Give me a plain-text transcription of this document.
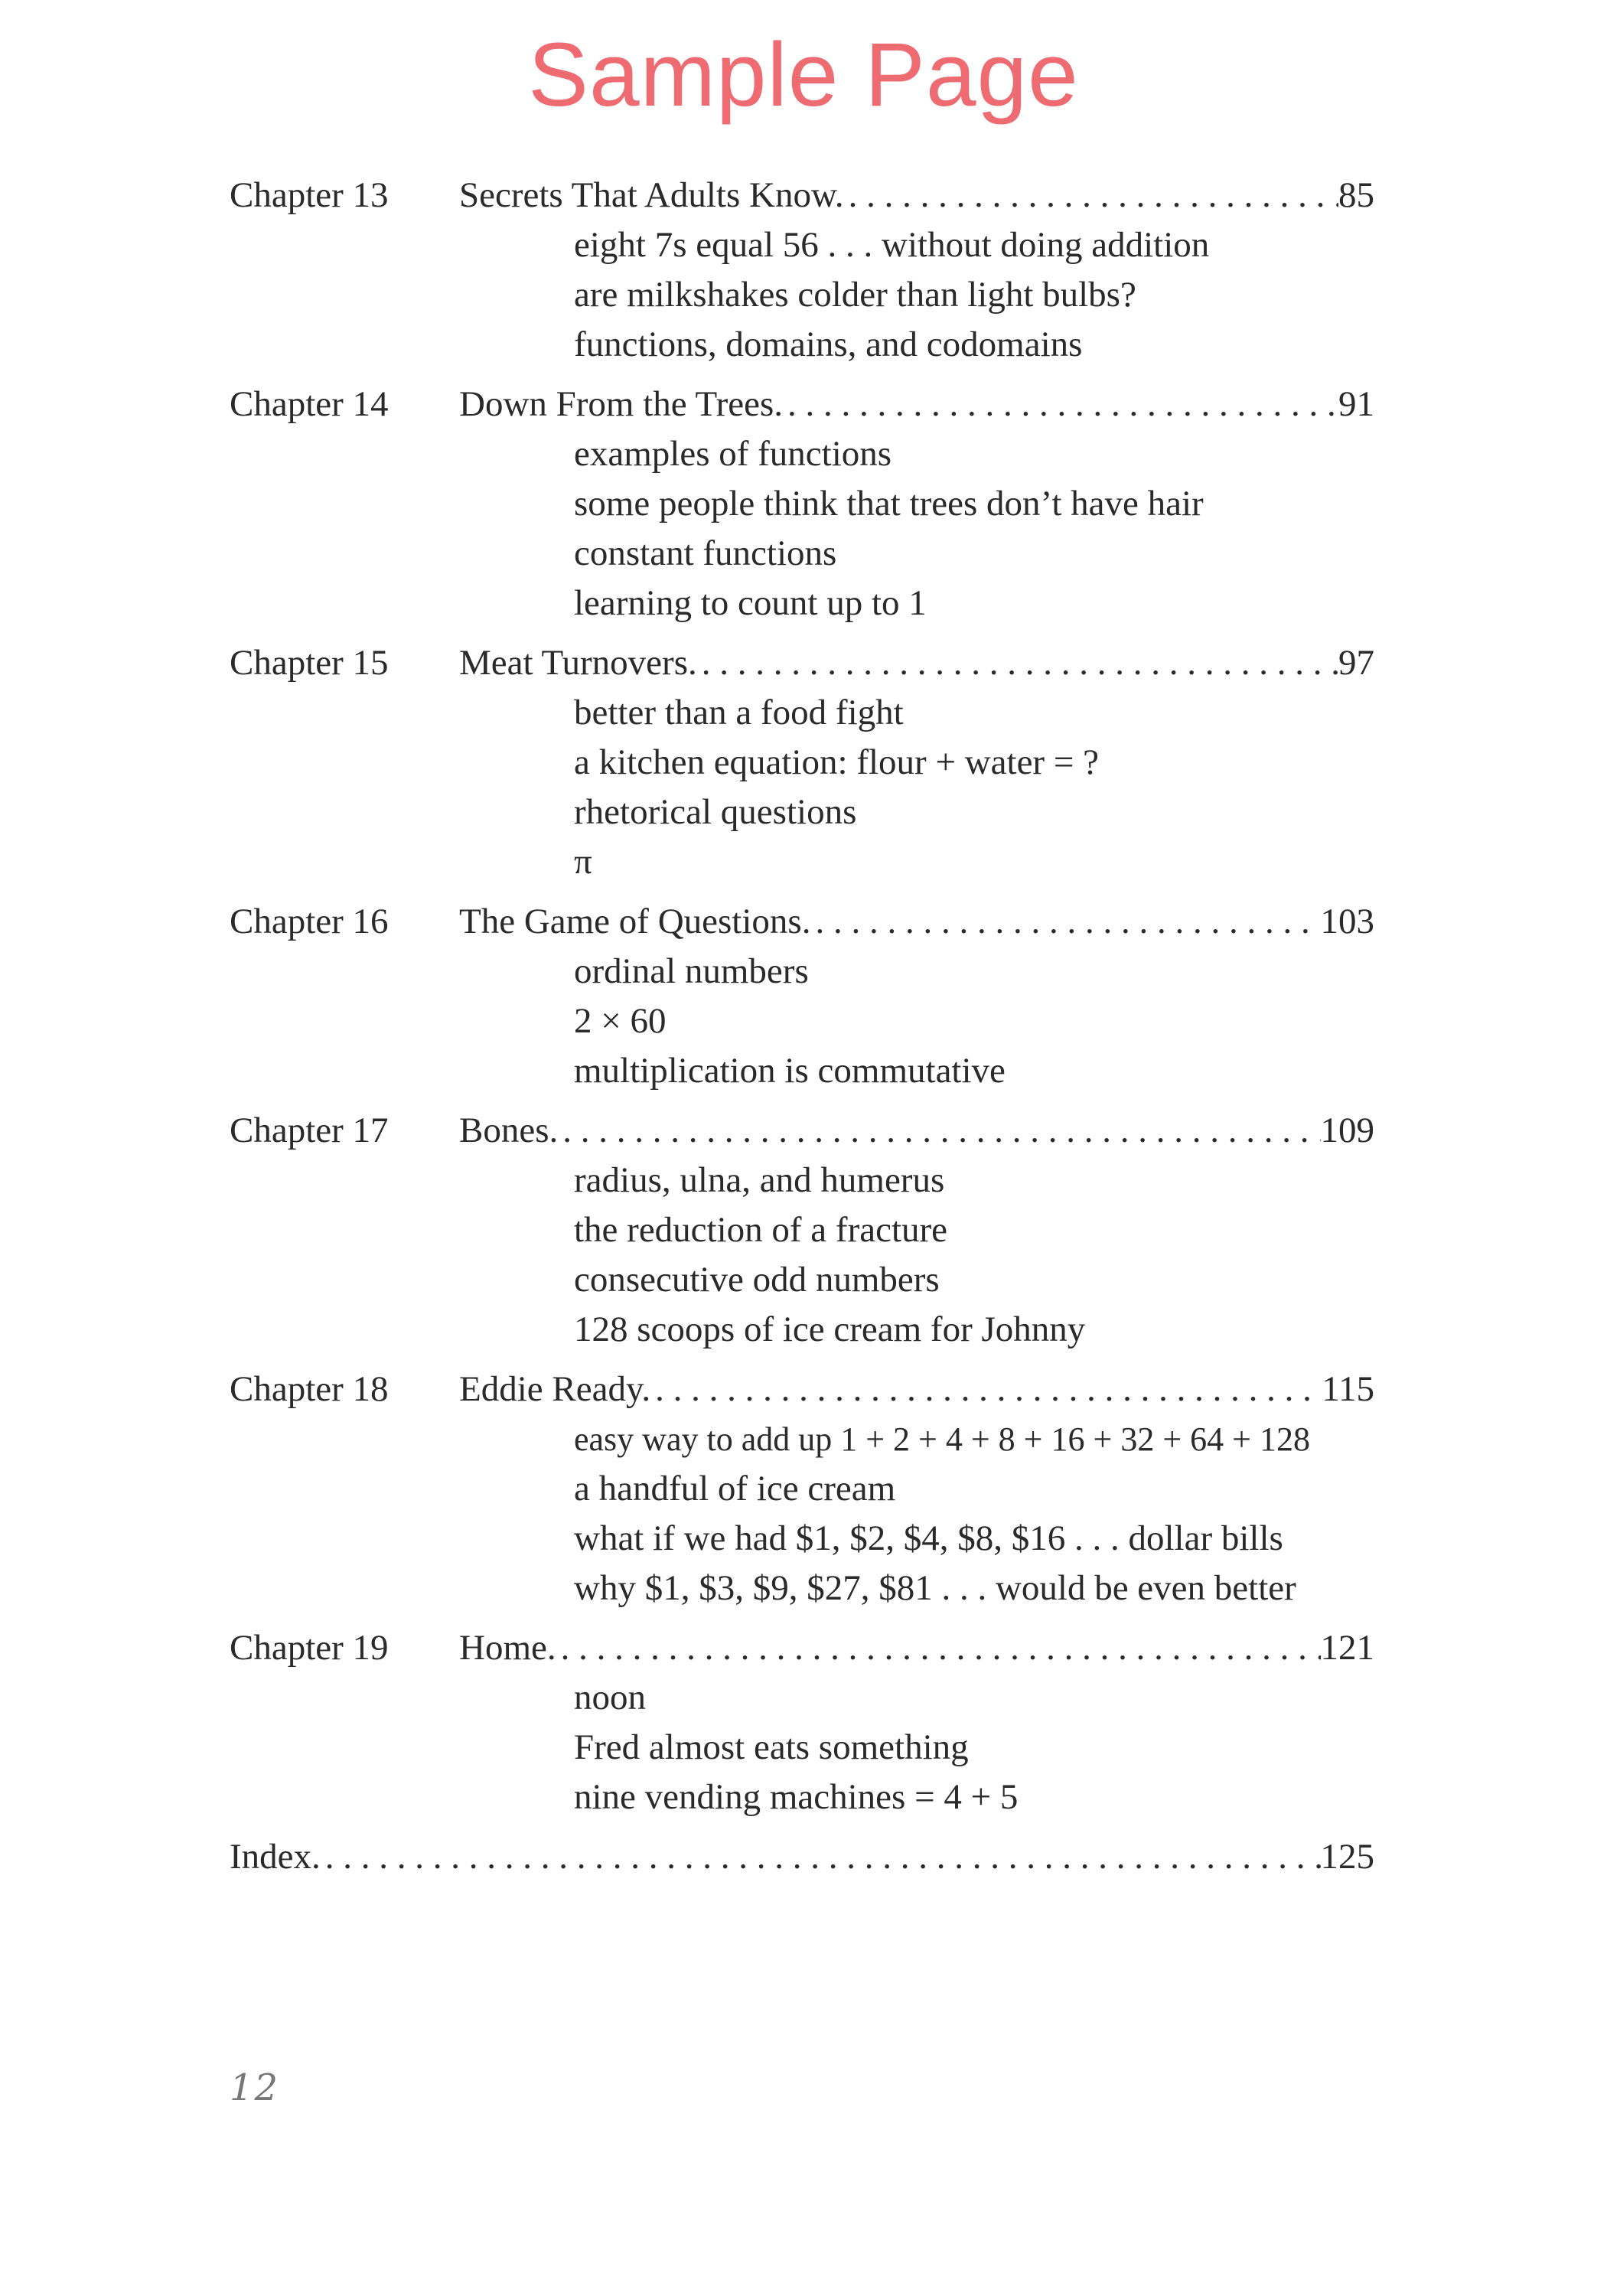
Sample Page
Chapter 13	Secrets That Adults Know. . . .	85
eight 7s equal 56 . . . without doing addition
are milkshakes colder than light bulbs?
functions, domains, and codomains
Chapter 14	Down From the Trees. . . .	91
examples of functions
some people think that trees don’t have hair
constant functions
learning to count up to 1
Chapter 15	Meat Turnovers. . . .	97
better than a food fight
a kitchen equation: flour + water = ?
rhetorical questions
π
Chapter 16	The Game of Questions. . . .	103
ordinal numbers
2 × 60
multiplication is commutative
Chapter 17	Bones. . . .	109
radius, ulna, and humerus
the reduction of a fracture
consecutive odd numbers
128 scoops of ice cream for Johnny
Chapter 18	Eddie Ready. . . .	115
easy way to add up 1 + 2 + 4 + 8 + 16 + 32 + 64 + 128
a handful of ice cream
what if we had $1, $2, $4, $8, $16 . . . dollar bills
why $1, $3, $9, $27, $81 . . . would be even better
Chapter 19	Home. . . .	121
noon
Fred almost eats something
nine vending machines = 4 + 5
Index. . . .	125
12
